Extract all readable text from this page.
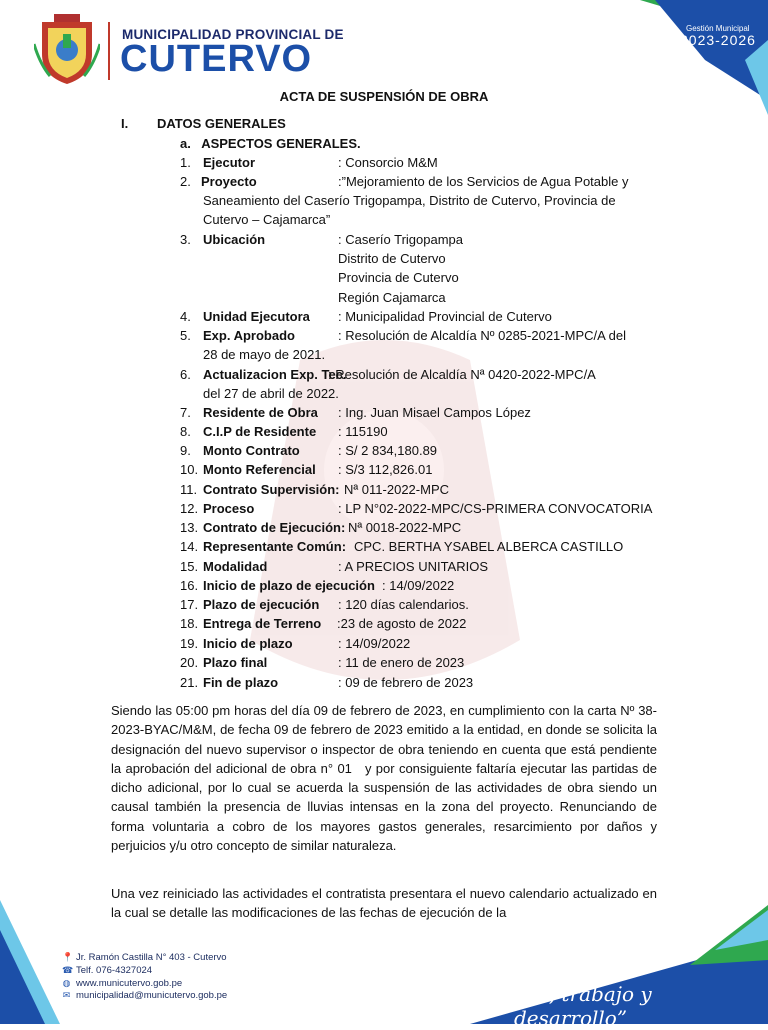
MUNICIPALIDAD PROVINCIAL DE
CUTERVO
Gestión Municipal
2023-2026
ACTA DE SUSPENSIÓN DE OBRA
I. DATOS GENERALES
a.   ASPECTOS GENERALES.
1. Ejecutor	: Consorcio M&M
2. Proyecto	:”Mejoramiento de los Servicios de Agua Potable y
Saneamiento del Caserío Trigopampa, Distrito de Cutervo, Provincia de
Cutervo – Cajamarca”
3. Ubicación	: Caserío Trigopampa
Distrito de Cutervo
Provincia de Cutervo
Región Cajamarca
4. Unidad Ejecutora : Municipalidad Provincial de Cutervo
5. Exp. Aprobado	: Resolución de Alcaldía Nº 0285-2021-MPC/A del
28 de mayo de 2021.
6. Actualizacion Exp. Tec.
: Resolución de Alcaldía Nª 0420-2022-MPC/A
del 27 de abril de 2022.
7. Residente de Obra : Ing. Juan Misael Campos López
8. C.I.P de Residente : 115190
9. Monto Contrato	: S/ 2 834,180.89
10. Monto Referencial : S/3 112,826.01
11. Contrato Supervisión: Nª 011-2022-MPC
12. Proceso	: LP N°02-2022-MPC/CS-PRIMERA CONVOCATORIA
13. Contrato de Ejecución: Nª 0018-2022-MPC
14. Representante Común: CPC. BERTHA YSABEL ALBERCA CASTILLO
15. Modalidad	: A PRECIOS UNITARIOS
16. Inicio de plazo de ejecución : 14/09/2022
17. Plazo de ejecución : 120 días calendarios.
18. Entrega de Terreno :23 de agosto de 2022
19. Inicio de plazo	: 14/09/2022
20. Plazo final	: 11 de enero de 2023
21. Fin de plazo	: 09 de febrero de 2023
Siendo las 05:00 pm horas del día 09 de febrero de 2023, en cumplimiento con la carta Nº 38-2023-BYAC/M&M, de fecha 09 de febrero de 2023 emitido a la entidad, en donde se solicita la designación del nuevo supervisor o inspector de obra teniendo en cuenta que está pendiente la aprobación del adicional de obra n° 01   y por consiguiente faltaría ejecutar las partidas de dicho adicional, por lo cual se acuerda la suspensión de las actividades de obra siendo un causal también la presencia de lluvias intensas en la zona del proyecto. Renunciando de forma voluntaria a cobro de los mayores gastos generales, resarcimiento por daños y perjuicios y/u otro concepto de similar naturaleza.
Una vez reiniciado las actividades el contratista presentara el nuevo calendario actualizado en la cual se detalle las modificaciones de las fechas de ejecución de la
📍 Jr. Ramón Castilla N° 403 - Cutervo
☎ Telf. 076-4327024
◍ www.municutervo.gob.pe
✉ municipalidad@municutervo.gob.pe	“Fe, trabajo y desarrollo”
